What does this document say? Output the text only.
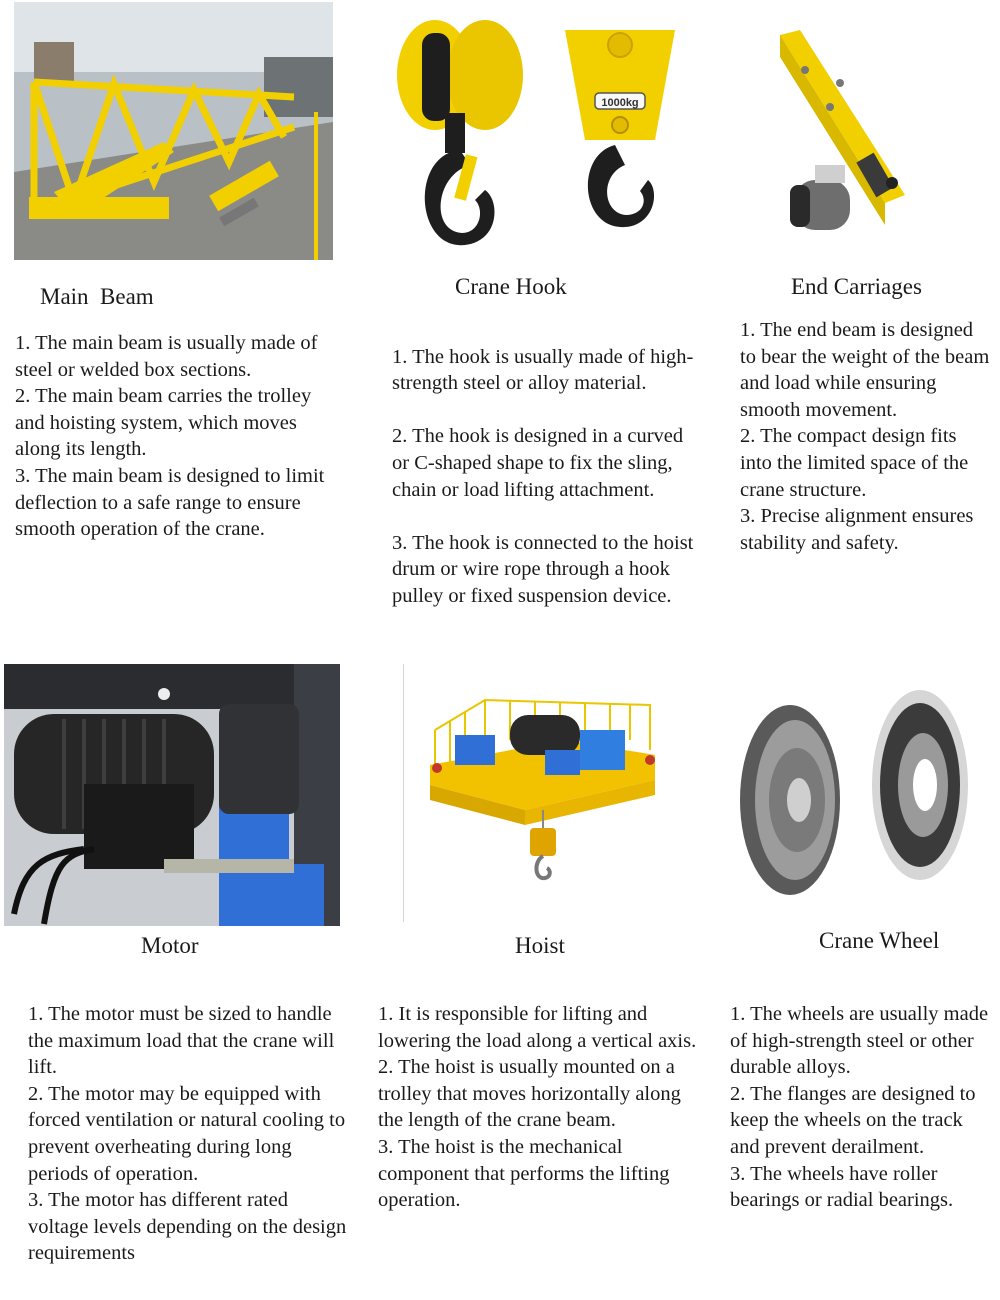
1000kg
Main  Beam	Crane Hook	End Carriages

1. The main beam is usually made of steel or welded box sections.

2. The main beam carries the trolley and hoisting system, which moves along its length.

3. The main beam is designed to limit deflection to a safe range to ensure smooth operation of the crane.

1. The hook is usually made of high-strength steel or alloy material.

2. The hook is designed in a curved or C-shaped shape to fix the sling, chain or load lifting attachment.

3. The hook is connected to the hoist drum or wire rope through a hook pulley or fixed suspension device.

1. The end beam is designed to bear the weight of the beam and load while ensuring smooth movement.

2. The compact design fits into the limited space of the crane structure.

3. Precise alignment ensures stability and safety.

Motor	Hoist	Crane Wheel

1. The motor must be sized to handle the maximum load that the crane will lift.

2. The motor may be equipped with forced ventilation or natural cooling to prevent overheating during long periods of operation.

3. The motor has different rated voltage levels depending on the design requirements

1. It is responsible for lifting and lowering the load along a vertical axis.

2. The hoist is usually mounted on a trolley that moves horizontally along the length of the crane beam.

3. The hoist is the mechanical component that performs the lifting operation.

1. The wheels are usually made of high-strength steel or other durable alloys.

2. The flanges are designed to keep the wheels on the track and prevent derailment.

3. The wheels have roller bearings or radial bearings.
